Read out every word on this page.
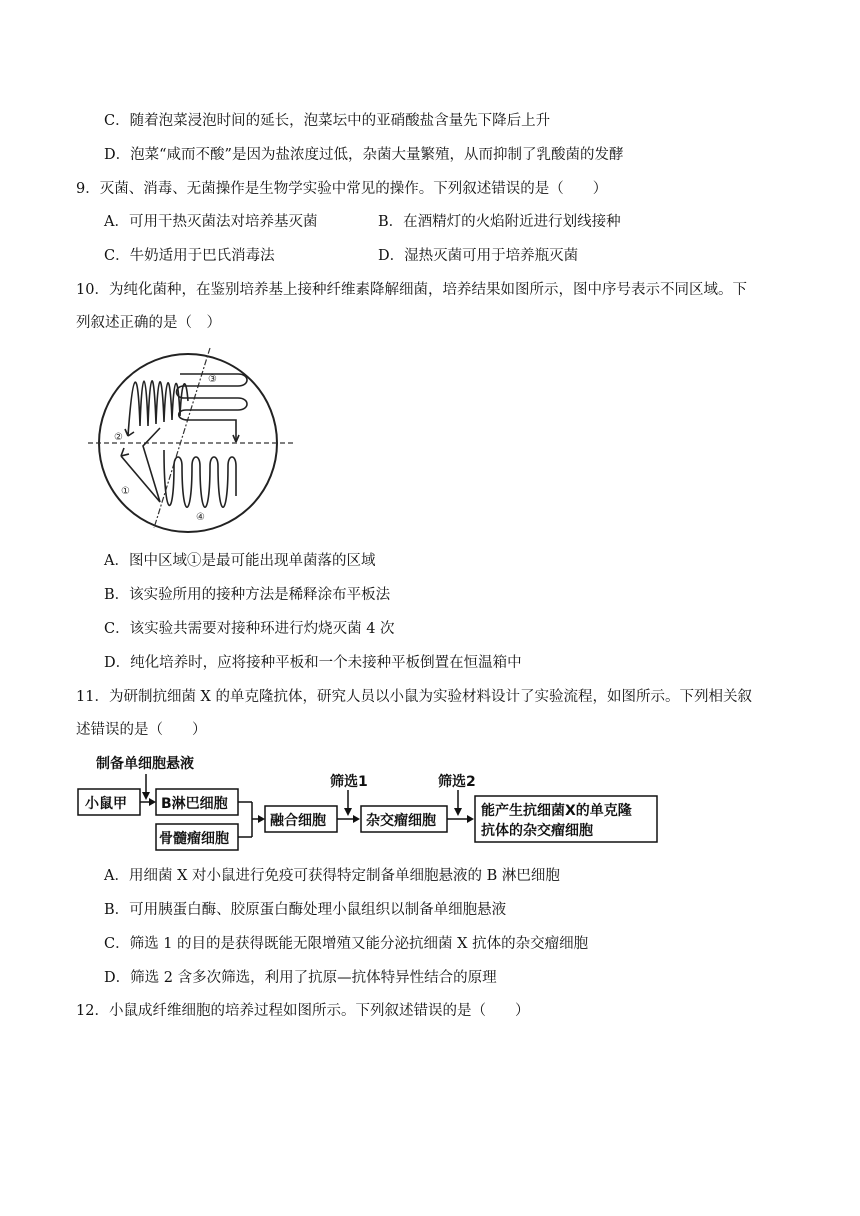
C．随着泡菜浸泡时间的延长，泡菜坛中的亚硝酸盐含量先下降后上升
D．泡菜“咸而不酸”是因为盐浓度过低，杂菌大量繁殖，从而抑制了乳酸菌的发酵
9．灭菌、消毒、无菌操作是生物学实验中常见的操作。下列叙述错误的是（　　）
A．可用干热灭菌法对培养基灭菌	B．在酒精灯的火焰附近进行划线接种
C．牛奶适用于巴氏消毒法	D．湿热灭菌可用于培养瓶灭菌
10．为纯化菌种，在鉴别培养基上接种纤维素降解细菌，培养结果如图所示，图中序号表示不同区域。下
列叙述正确的是（　）
①
②
③
④
A．图中区域①是最可能出现单菌落的区域
B．该实验所用的接种方法是稀释涂布平板法
C．该实验共需要对接种环进行灼烧灭菌 4 次
D．纯化培养时，应将接种平板和一个未接种平板倒置在恒温箱中
11．为研制抗细菌 X 的单克隆抗体，研究人员以小鼠为实验材料设计了实验流程，如图所示。下列相关叙
述错误的是（　　）
制备单细胞悬液
小鼠甲 B淋巴细胞
骨髓瘤细胞
融合细胞
筛选1
杂交瘤细胞
筛选2
能产生抗细菌X的单克隆
抗体的杂交瘤细胞
A．用细菌 X 对小鼠进行免疫可获得特定制备单细胞悬液的 B 淋巴细胞
B．可用胰蛋白酶、胶原蛋白酶处理小鼠组织以制备单细胞悬液
C．筛选 1 的目的是获得既能无限增殖又能分泌抗细菌 X 抗体的杂交瘤细胞
D．筛选 2 含多次筛选，利用了抗原—抗体特异性结合的原理
12．小鼠成纤维细胞的培养过程如图所示。下列叙述错误的是（　　）
